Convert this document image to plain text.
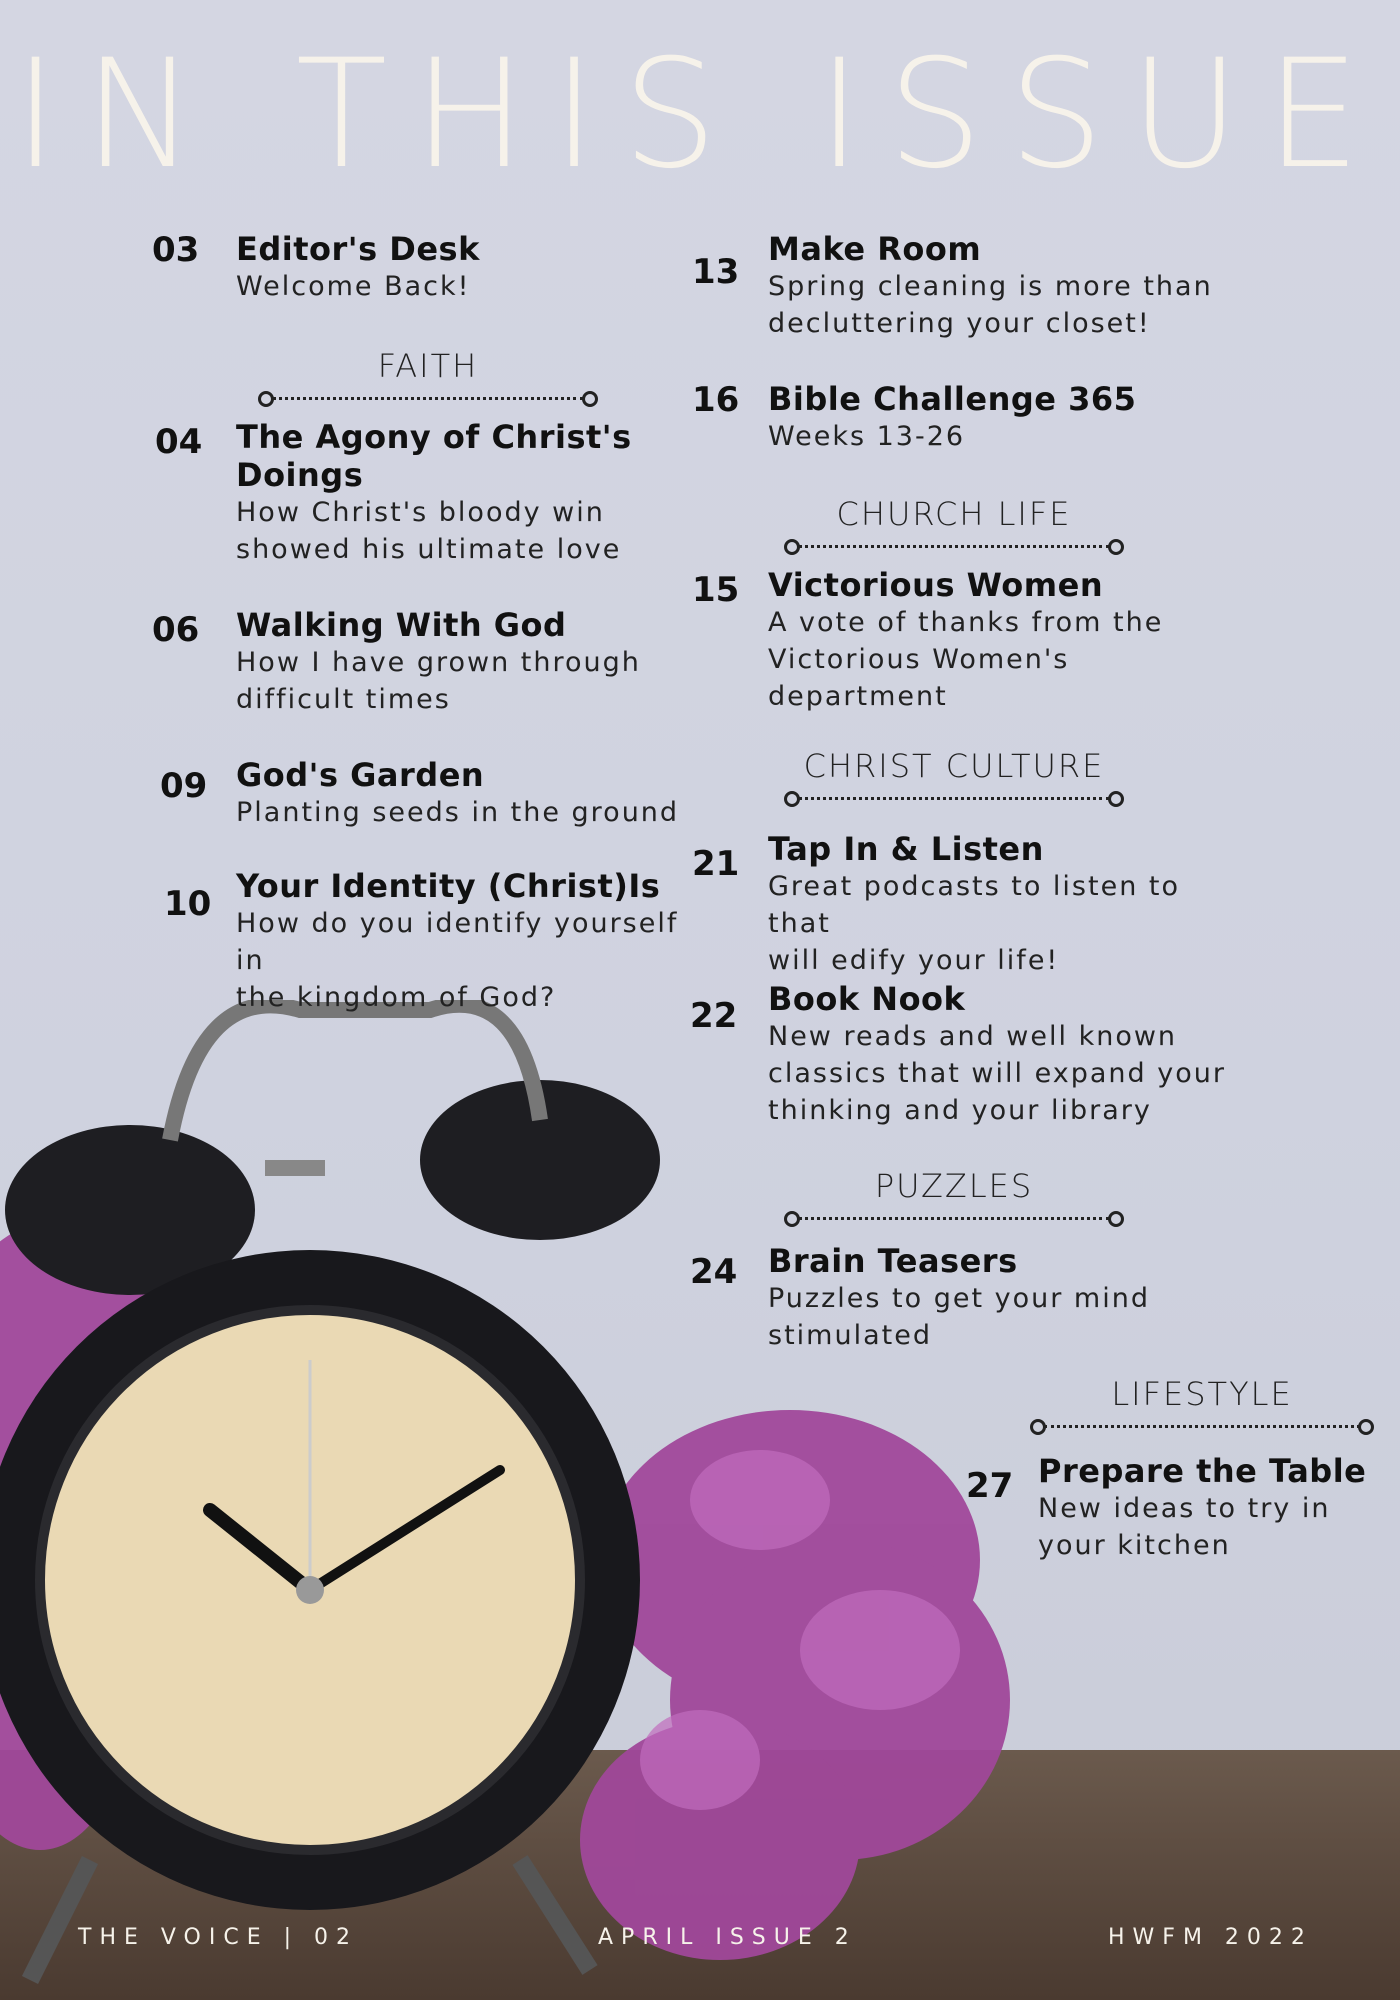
IN THIS ISSUE
03 Editor's Desk
Welcome Back!
FAITH
04 The Agony of Christ's
Doings
How Christ's bloody win
showed his ultimate love
06 Walking With God
How I have grown through
difficult times
09 God's Garden
Planting seeds in the ground
10 Your Identity (Christ)Is
How do you identify yourself in
the kingdom of God?
13
Make Room
Spring cleaning is more than
decluttering your closet!
16 Bible Challenge 365
Weeks 13-26
CHURCH LIFE
15 Victorious Women
A vote of thanks from the
Victorious Women's department
CHRIST CULTURE
21 Tap In & Listen
Great podcasts to listen to that
will edify your life!
22 Book Nook
New reads and well known
classics that will expand your
thinking and your library
PUZZLES
24 Brain Teasers
Puzzles to get your mind
stimulated
LIFESTYLE
27 Prepare the Table
New ideas to try in
your kitchen
THE VOICE | 02	APRIL ISSUE 2	HWFM 2022
